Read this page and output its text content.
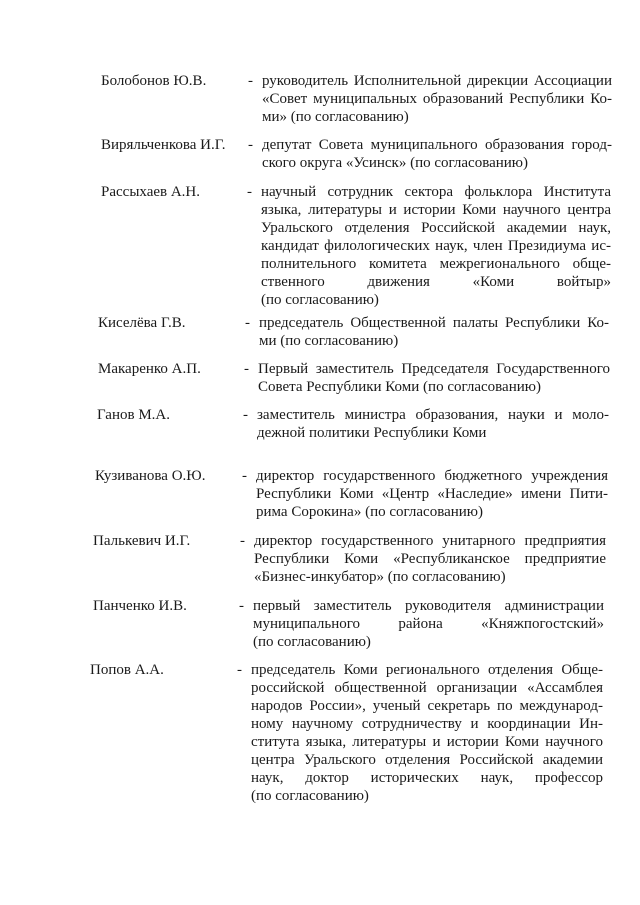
Болобонов Ю.В.	- руководитель Исполнительной дирекции Ассоциации
«Совет муниципальных образований Республики Ко-
ми» (по согласованию)
Виряльченкова И.Г. - депутат Совета муниципального образования город-
ского округа «Усинск» (по согласованию)
Рассыхаев А.Н.	- научный сотрудник сектора фольклора Института
языка, литературы и истории Коми научного центра
Уральского отделения Российской академии наук,
кандидат филологических наук, член Президиума ис-
полнительного комитета межрегионального обще-
ственного движения «Коми войтыр»
(по согласованию)
Киселёва Г.В.	- председатель Общественной палаты Республики Ко-
ми (по согласованию)
Макаренко А.П.	- Первый заместитель Председателя Государственного
Совета Республики Коми (по согласованию)
Ганов М.А.	- заместитель министра образования, науки и моло-
дежной политики Республики Коми
Кузиванова О.Ю. - директор государственного бюджетного учреждения
Республики Коми «Центр «Наследие» имени Пити-
рима Сорокина» (по согласованию)
Палькевич И.Г.	- директор государственного унитарного предприятия
Республики Коми «Республиканское предприятие
«Бизнес-инкубатор» (по согласованию)
Панченко И.В.	- первый заместитель руководителя администрации
муниципального района «Княжпогостский»
(по согласованию)
Попов А.А.	- председатель Коми регионального отделения Обще-
российской общественной организации «Ассамблея
народов России», ученый секретарь по международ-
ному научному сотрудничеству и координации Ин-
ститута языка, литературы и истории Коми научного
центра Уральского отделения Российской академии
наук, доктор исторических наук, профессор
(по согласованию)
